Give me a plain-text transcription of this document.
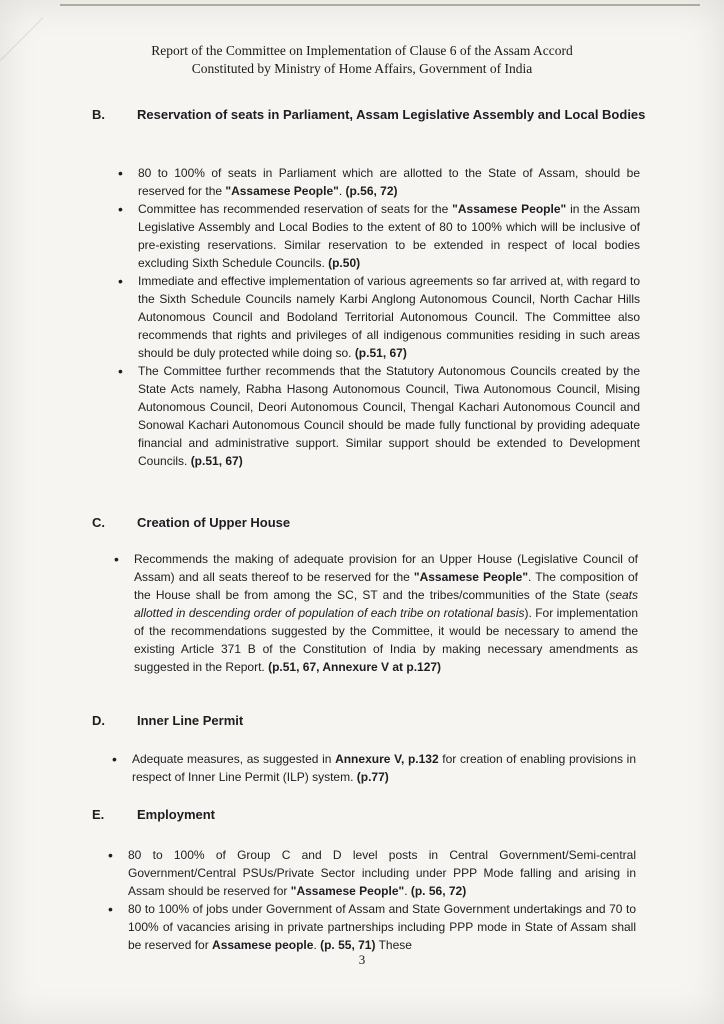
Report of the Committee on Implementation of Clause 6 of the Assam Accord
Constituted by Ministry of Home Affairs, Government of India
B. Reservation of seats in Parliament, Assam Legislative Assembly and Local Bodies
• 80 to 100% of seats in Parliament which are allotted to the State of Assam, should be reserved for the "Assamese People". (p.56, 72)
• Committee has recommended reservation of seats for the "Assamese People" in the Assam Legislative Assembly and Local Bodies to the extent of 80 to 100% which will be inclusive of pre-existing reservations. Similar reservation to be extended in respect of local bodies excluding Sixth Schedule Councils. (p.50)
• Immediate and effective implementation of various agreements so far arrived at, with regard to the Sixth Schedule Councils namely Karbi Anglong Autonomous Council, North Cachar Hills Autonomous Council and Bodoland Territorial Autonomous Council. The Committee also recommends that rights and privileges of all indigenous communities residing in such areas should be duly protected while doing so. (p.51, 67)
• The Committee further recommends that the Statutory Autonomous Councils created by the State Acts namely, Rabha Hasong Autonomous Council, Tiwa Autonomous Council, Mising Autonomous Council, Deori Autonomous Council, Thengal Kachari Autonomous Council and Sonowal Kachari Autonomous Council should be made fully functional by providing adequate financial and administrative support. Similar support should be extended to Development Councils. (p.51, 67)
C. Creation of Upper House
• Recommends the making of adequate provision for an Upper House (Legislative Council of Assam) and all seats thereof to be reserved for the "Assamese People". The composition of the House shall be from among the SC, ST and the tribes/communities of the State (seats allotted in descending order of population of each tribe on rotational basis). For implementation of the recommendations suggested by the Committee, it would be necessary to amend the existing Article 371 B of the Constitution of India by making necessary amendments as suggested in the Report. (p.51, 67, Annexure V at p.127)
D. Inner Line Permit
• Adequate measures, as suggested in Annexure V, p.132 for creation of enabling provisions in respect of Inner Line Permit (ILP) system. (p.77)
E.	Employment
• 80 to 100% of Group C and D level posts in Central Government/Semi-central Government/Central PSUs/Private Sector including under PPP Mode falling and arising in Assam should be reserved for "Assamese People". (p. 56, 72)
• 80 to 100% of jobs under Government of Assam and State Government undertakings and 70 to 100% of vacancies arising in private partnerships including PPP mode in State of Assam shall be reserved for Assamese people. (p. 55, 71) These
3
